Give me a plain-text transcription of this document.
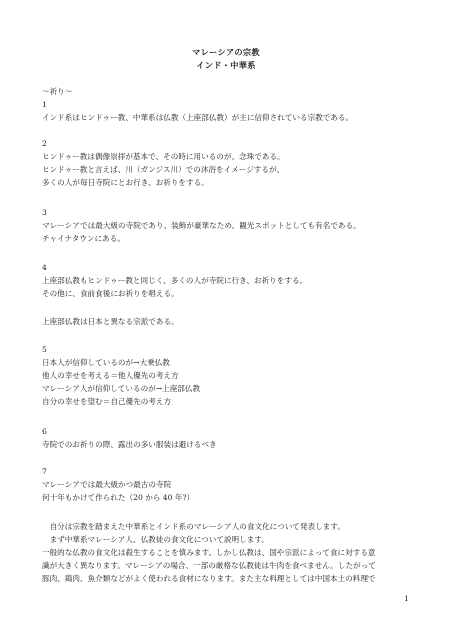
マレーシアの宗教
インド・中華系
～祈り～
1
インド系はヒンドゥー教、中華系は仏教（上座部仏教）が主に信仰されている宗教である。
2
ヒンドゥー教は偶像崇拝が基本で、その時に用いるのが、念珠である。
ヒンドゥー教と言えば、川（ガンジス川）での沐浴をイメージするが、
多くの人が毎日寺院にとお行き、お祈りをする。
3
マレーシアでは最大級の寺院であり、装飾が豪華なため、観光スポットとしても有名である。
チャイナタウンにある。
4
上座部仏教もヒンドゥー教と同じく、多くの人が寺院に行き、お祈りをする。
その他に、食前食後にお祈りを唱える。
上座部仏教は日本と異なる宗派である。
5
日本人が信仰しているのが→大乗仏教
他人の幸せを考える＝他人優先の考え方
マレーシア人が信仰しているのが→上座部仏教
自分の幸せを望む＝自己優先の考え方
6
寺院でのお祈りの際、露出の多い服装は避けるべき
7
マレーシアでは最大級かつ最古の寺院
何十年もかけて作られた（20 から 40 年?）
　自分は宗教を踏まえた中華系とインド系のマレーシア人の食文化について発表します。
　まず中華系マレーシア人、仏教徒の食文化について説明します。
一般的な仏教の食文化は殺生することを慎みます。しかし仏教は、国や宗派によって食に対する意
識が大きく異なります。マレーシアの場合、一部の厳格な仏教徒は牛肉を食べません。したがって
豚肉、鶏肉、魚介類などがよく使われる食材になります。また主な料理としては中国本土の料理で
1
